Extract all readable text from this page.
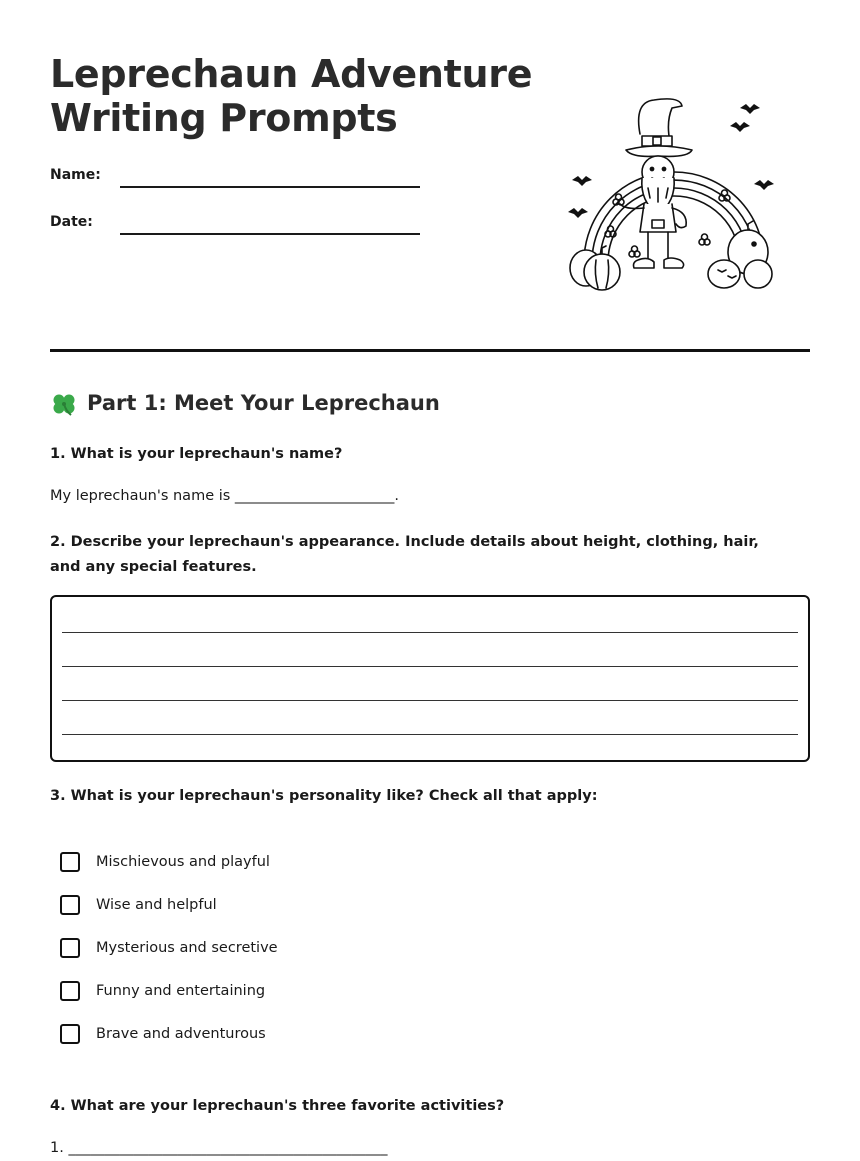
Leprechaun Adventure
Writing Prompts
Name:
Date:
Part 1: Meet Your Leprechaun

1. What is your leprechaun's name?

My leprechaun's name is ______________________.

2. Describe your leprechaun's appearance. Include details about height, clothing, hair, and any special features.

3. What is your leprechaun's personality like? Check all that apply:

Mischievous and playful
Wise and helpful
Mysterious and secretive
Funny and entertaining
Brave and adventurous

4. What are your leprechaun's three favorite activities?

1. ____________________________________________
